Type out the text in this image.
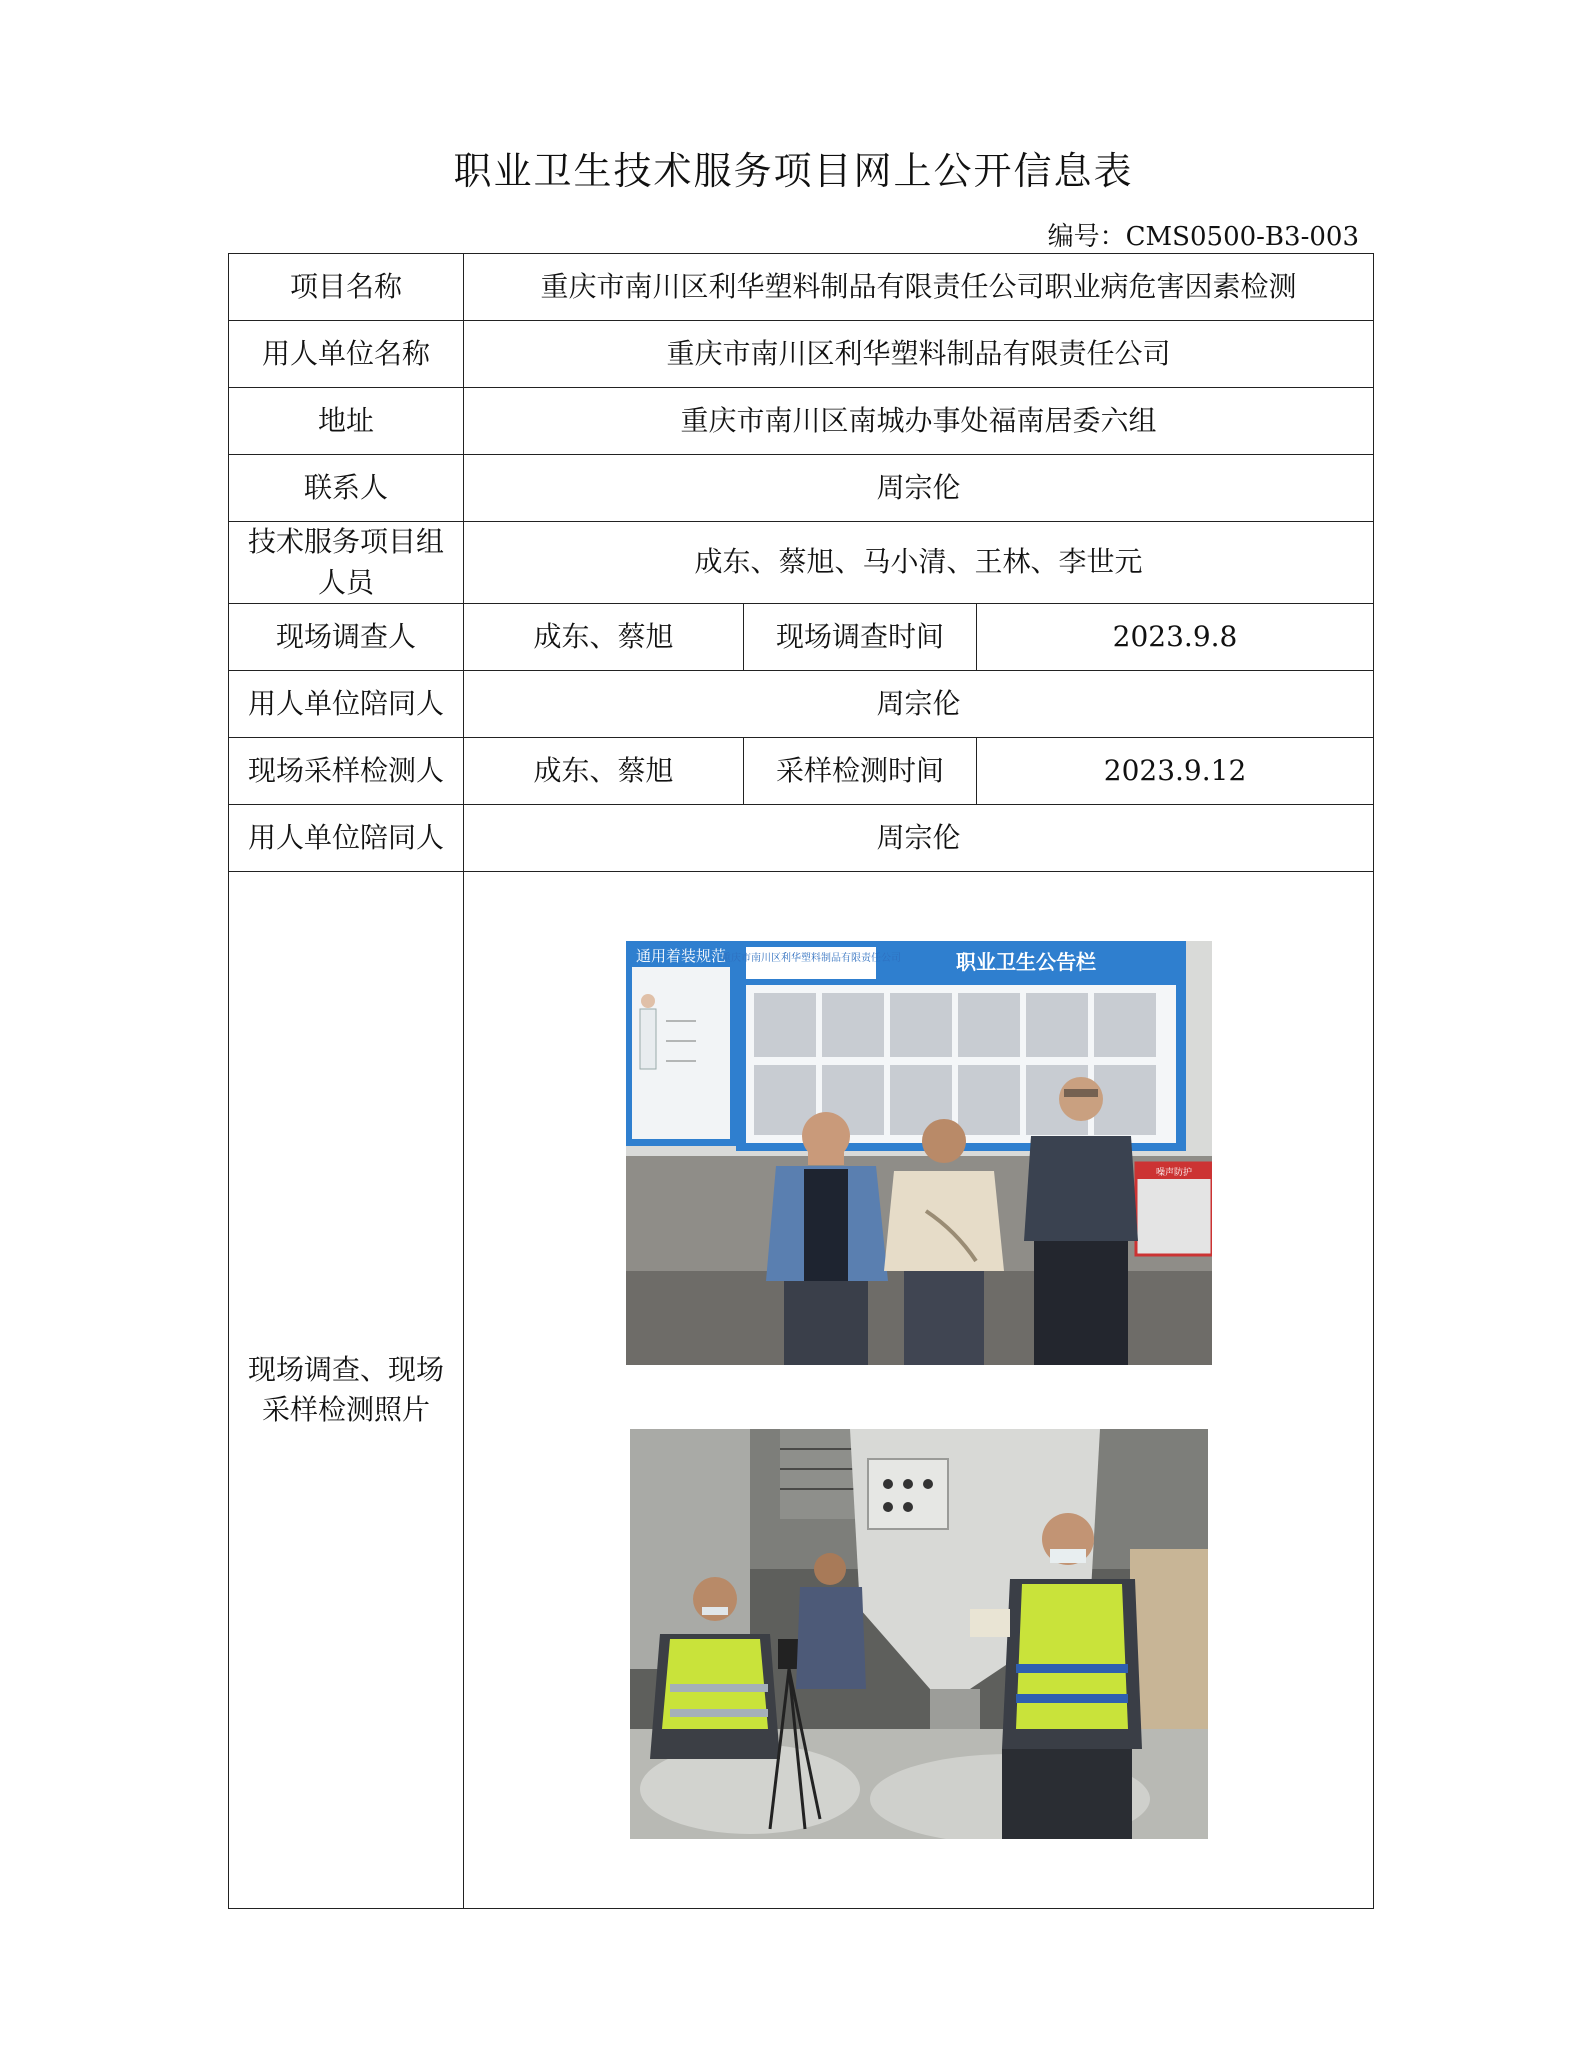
职业卫生技术服务项目网上公开信息表
编号：CMS0500-B3-003
项目名称	重庆市南川区利华塑料制品有限责任公司职业病危害因素检测		
用人单位名称	重庆市南川区利华塑料制品有限责任公司		
地址	重庆市南川区南城办事处福南居委六组		
联系人	周宗伦		
技术服务项目组人员	成东、蔡旭、马小清、王林、李世元		
现场调查人	成东、蔡旭	现场调查时间	2023.9.8
用人单位陪同人	周宗伦		
现场采样检测人	成东、蔡旭	采样检测时间	2023.9.12
用人单位陪同人	周宗伦		
现场调查、现场采样检测照片	通用着装规范
重庆市南川区利华塑料制品有限责任公司 职业卫生公告栏
噪声防护		
